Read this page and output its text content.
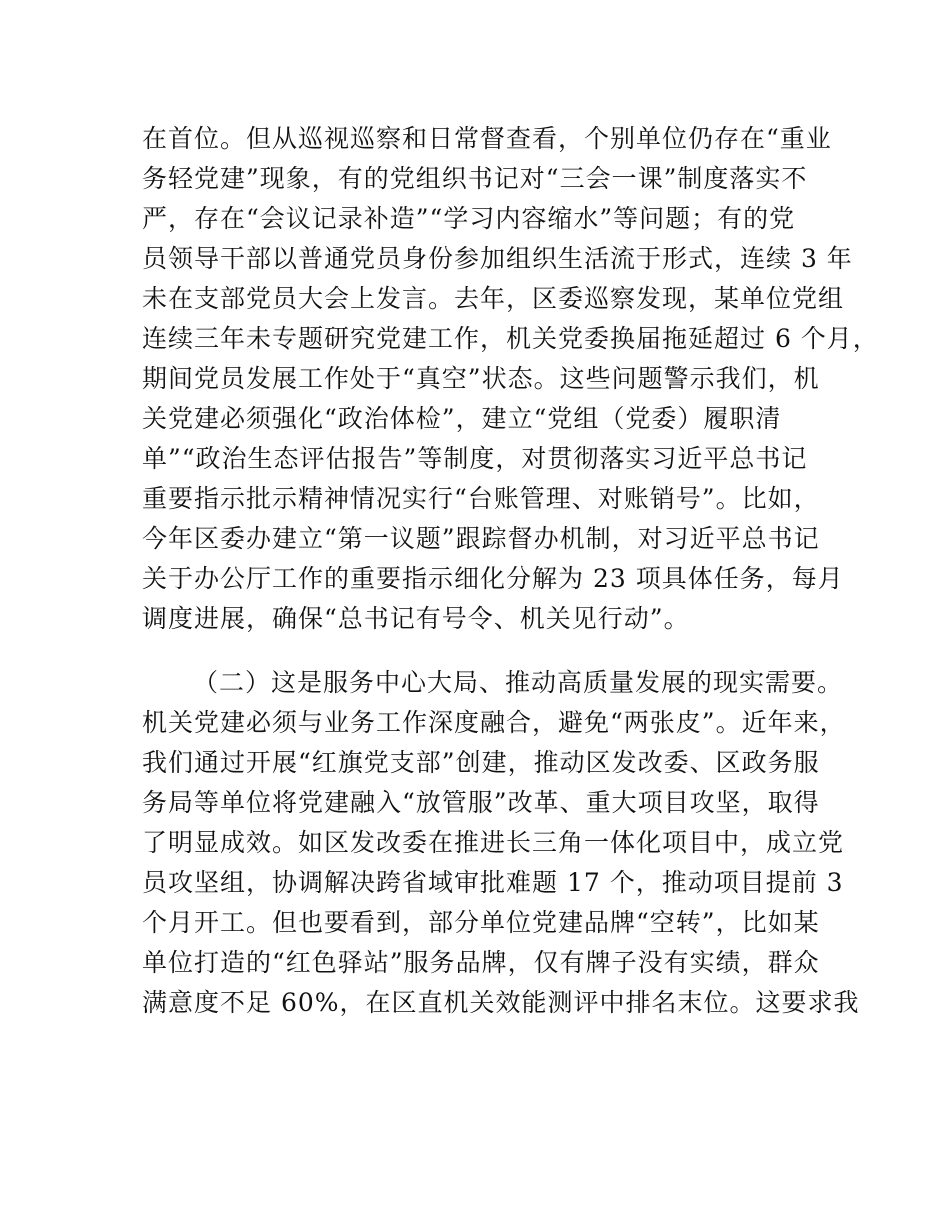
在首位。但从巡视巡察和日常督查看，个别单位仍存在“重业
务轻党建”现象，有的党组织书记对“三会一课”制度落实不
严，存在“会议记录补造”“学习内容缩水”等问题；有的党
员领导干部以普通党员身份参加组织生活流于形式，连续 3 年
未在支部党员大会上发言。去年，区委巡察发现，某单位党组
连续三年未专题研究党建工作，机关党委换届拖延超过 6 个月，
期间党员发展工作处于“真空”状态。这些问题警示我们，机
关党建必须强化“政治体检”，建立“党组（党委）履职清
单”“政治生态评估报告”等制度，对贯彻落实习近平总书记
重要指示批示精神情况实行“台账管理、对账销号”。比如，
今年区委办建立“第一议题”跟踪督办机制，对习近平总书记
关于办公厅工作的重要指示细化分解为 23 项具体任务，每月
调度进展，确保“总书记有号令、机关见行动”。
（二）这是服务中心大局、推动高质量发展的现实需要。
机关党建必须与业务工作深度融合，避免“两张皮”。近年来，
我们通过开展“红旗党支部”创建，推动区发改委、区政务服
务局等单位将党建融入“放管服”改革、重大项目攻坚，取得
了明显成效。如区发改委在推进长三角一体化项目中，成立党
员攻坚组，协调解决跨省域审批难题 17 个，推动项目提前 3
个月开工。但也要看到，部分单位党建品牌“空转”，比如某
单位打造的“红色驿站”服务品牌，仅有牌子没有实绩，群众
满意度不足 60%，在区直机关效能测评中排名末位。这要求我
